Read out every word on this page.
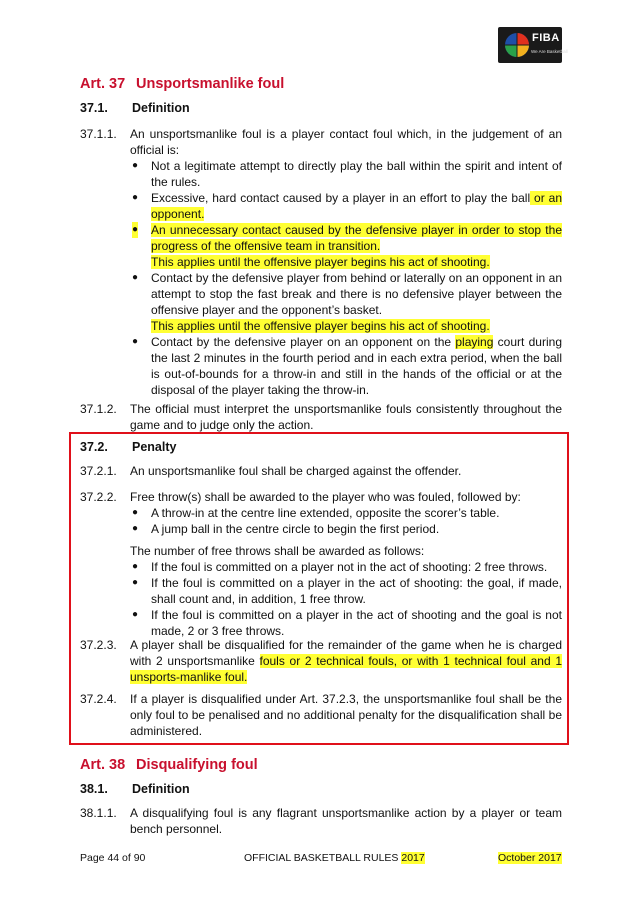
FIBA
We Are Basketball
Art. 37 Unsportsmanlike foul
37.1. Definition
37.1.1. An unsportsmanlike foul is a player contact foul which, in the judgement of an official is:
● Not a legitimate attempt to directly play the ball within the spirit and intent of the rules.
● Excessive, hard contact caused by a player in an effort to play the ball or an opponent.
● An unnecessary contact caused by the defensive player in order to stop the progress of the offensive team in transition.
This applies until the offensive player begins his act of shooting.
● Contact by the defensive player from behind or laterally on an opponent in an attempt to stop the fast break and there is no defensive player between the offensive player and the opponent’s basket.
This applies until the offensive player begins his act of shooting.
● Contact by the defensive player on an opponent on the playing court during the last 2 minutes in the fourth period and in each extra period, when the ball is out-of-bounds for a throw-in and still in the hands of the official or at the disposal of the player taking the throw-in.
37.1.2. The official must interpret the unsportsmanlike fouls consistently throughout the game and to judge only the action.
37.2. Penalty
37.2.1. An unsportsmanlike foul shall be charged against the offender.
37.2.2. Free throw(s) shall be awarded to the player who was fouled, followed by:
● A throw-in at the centre line extended, opposite the scorer’s table.
● A jump ball in the centre circle to begin the first period.
The number of free throws shall be awarded as follows:
● If the foul is committed on a player not in the act of shooting: 2 free throws.
● If the foul is committed on a player in the act of shooting: the goal, if made, shall count and, in addition, 1 free throw.
● If the foul is committed on a player in the act of shooting and the goal is not made, 2 or 3 free throws.
37.2.3. A player shall be disqualified for the remainder of the game when he is charged with 2 unsportsmanlike fouls or 2 technical fouls, or with 1 technical foul and 1 unsports-manlike foul.
37.2.4. If a player is disqualified under Art. 37.2.3, the unsportsmanlike foul shall be the only foul to be penalised and no additional penalty for the disqualification shall be administered.
Art. 38 Disqualifying foul
38.1. Definition
38.1.1. A disqualifying foul is any flagrant unsportsmanlike action by a player or team bench personnel.
Page 44 of 90	OFFICIAL BASKETBALL RULES 2017	October 2017
